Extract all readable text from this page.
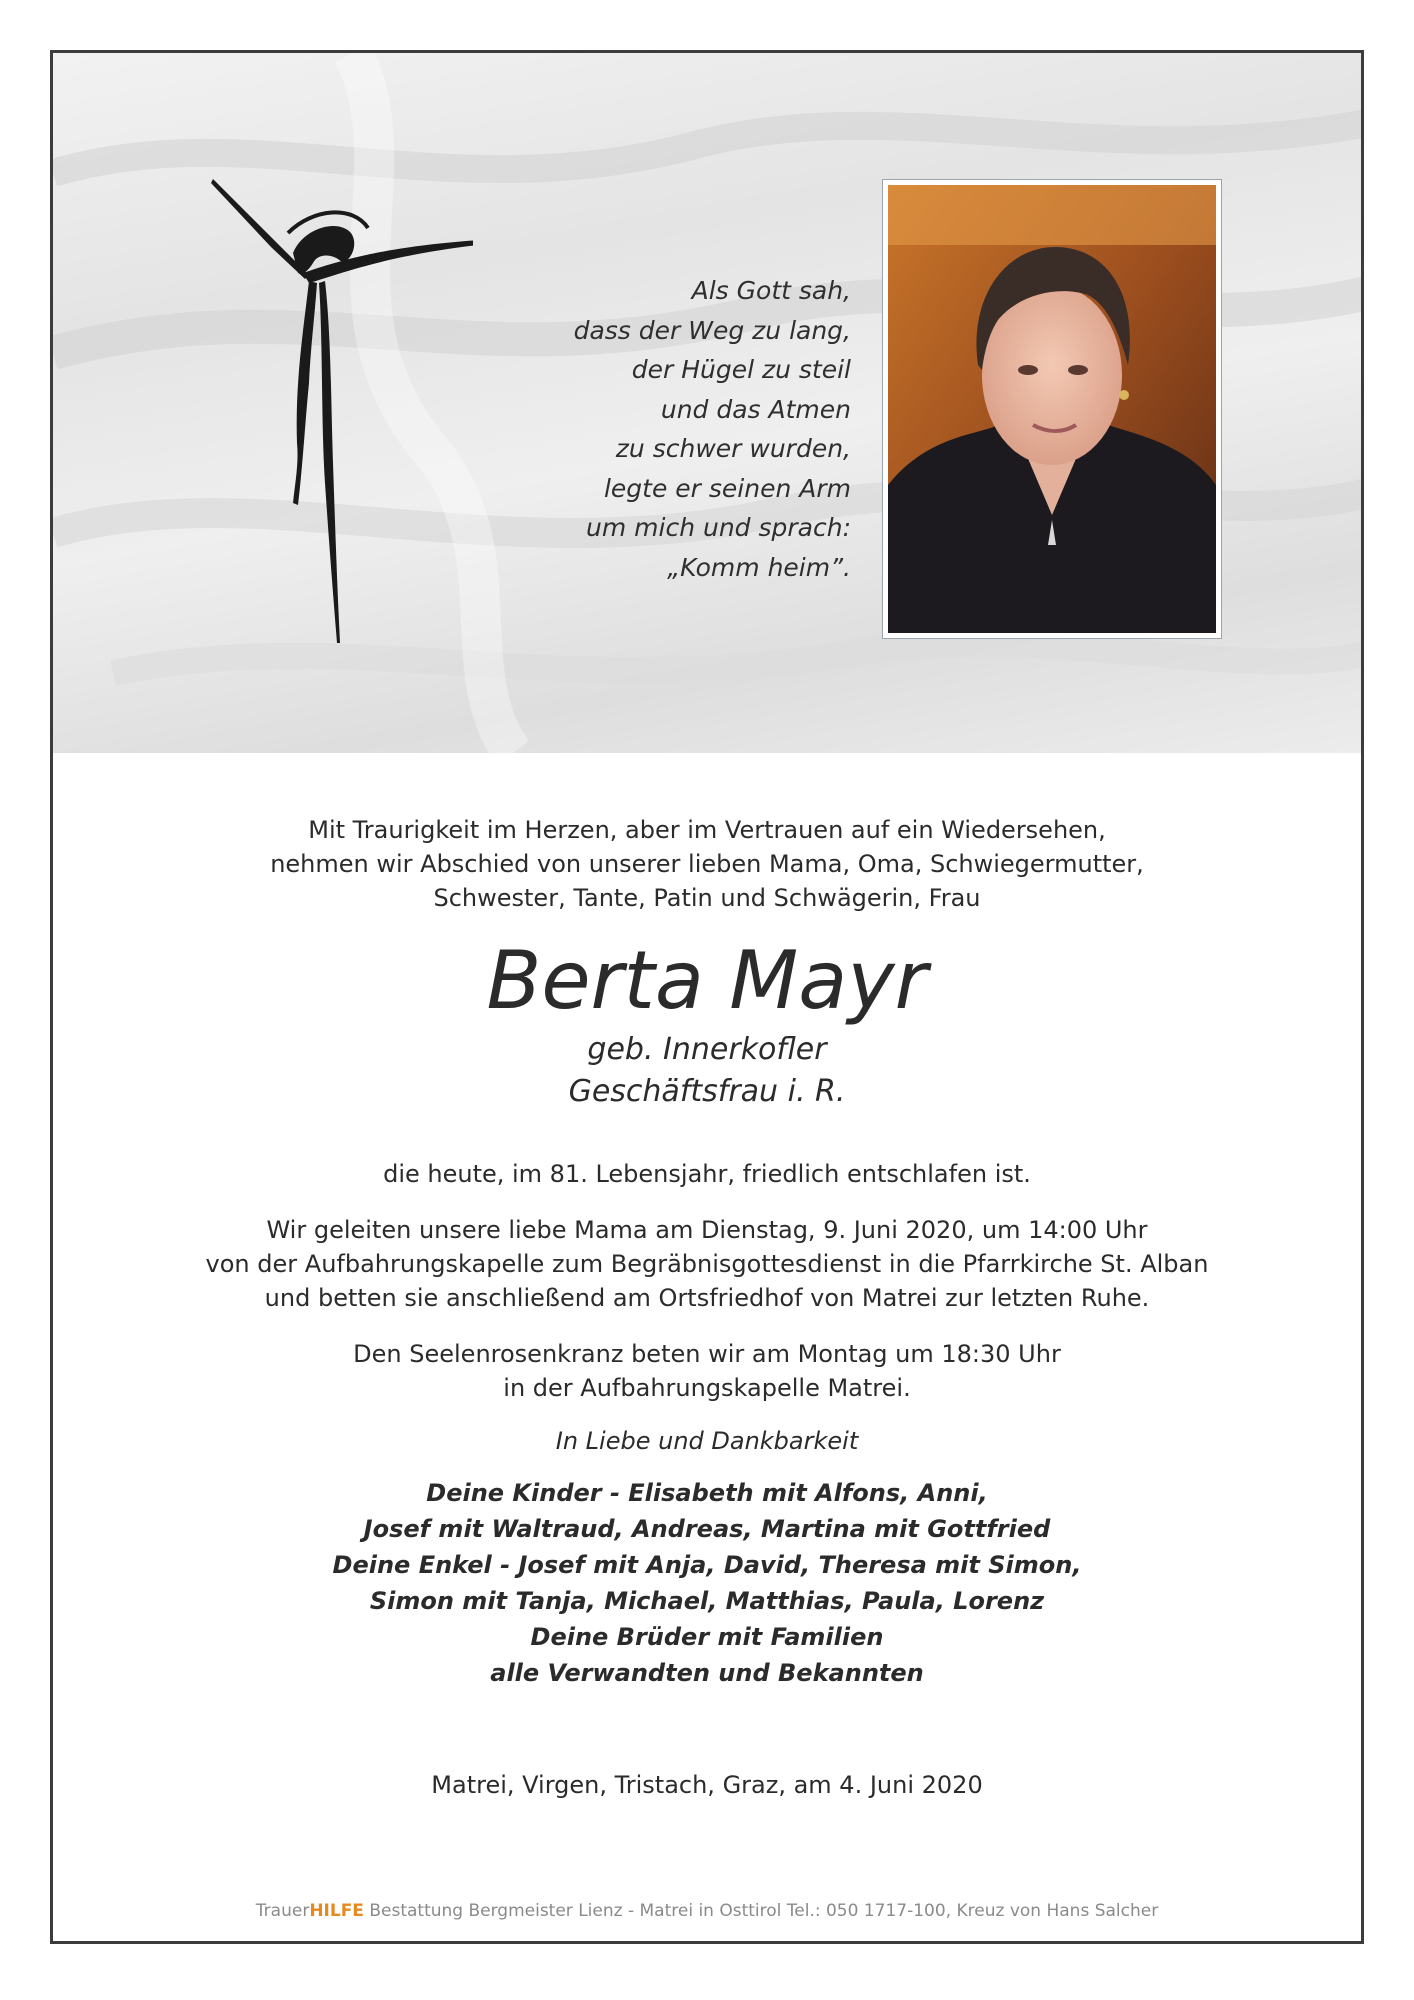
Als Gott sah,
dass der Weg zu lang,
der Hügel zu steil
und das Atmen
zu schwer wurden,
legte er seinen Arm
um mich und sprach:
„Komm heim”.
Mit Traurigkeit im Herzen, aber im Vertrauen auf ein Wiedersehen,
nehmen wir Abschied von unserer lieben Mama, Oma, Schwiegermutter,
Schwester, Tante, Patin und Schwägerin, Frau
Berta Mayr
geb. Innerkofler
Geschäftsfrau i. R.
die heute, im 81. Lebensjahr, friedlich entschlafen ist.
Wir geleiten unsere liebe Mama am Dienstag, 9. Juni 2020, um 14:00 Uhr
von der Aufbahrungskapelle zum Begräbnisgottesdienst in die Pfarrkirche St. Alban
und betten sie anschließend am Ortsfriedhof von Matrei zur letzten Ruhe.
Den Seelenrosenkranz beten wir am Montag um 18:30 Uhr
in der Aufbahrungskapelle Matrei.
In Liebe und Dankbarkeit
Deine Kinder - Elisabeth mit Alfons, Anni,
Josef mit Waltraud, Andreas, Martina mit Gottfried
Deine Enkel - Josef mit Anja, David, Theresa mit Simon,
Simon mit Tanja, Michael, Matthias, Paula, Lorenz
Deine Brüder mit Familien
alle Verwandten und Bekannten
Matrei, Virgen, Tristach, Graz, am 4. Juni 2020
TrauerHILFE Bestattung Bergmeister Lienz - Matrei in Osttirol Tel.: 050 1717-100, Kreuz von Hans Salcher
